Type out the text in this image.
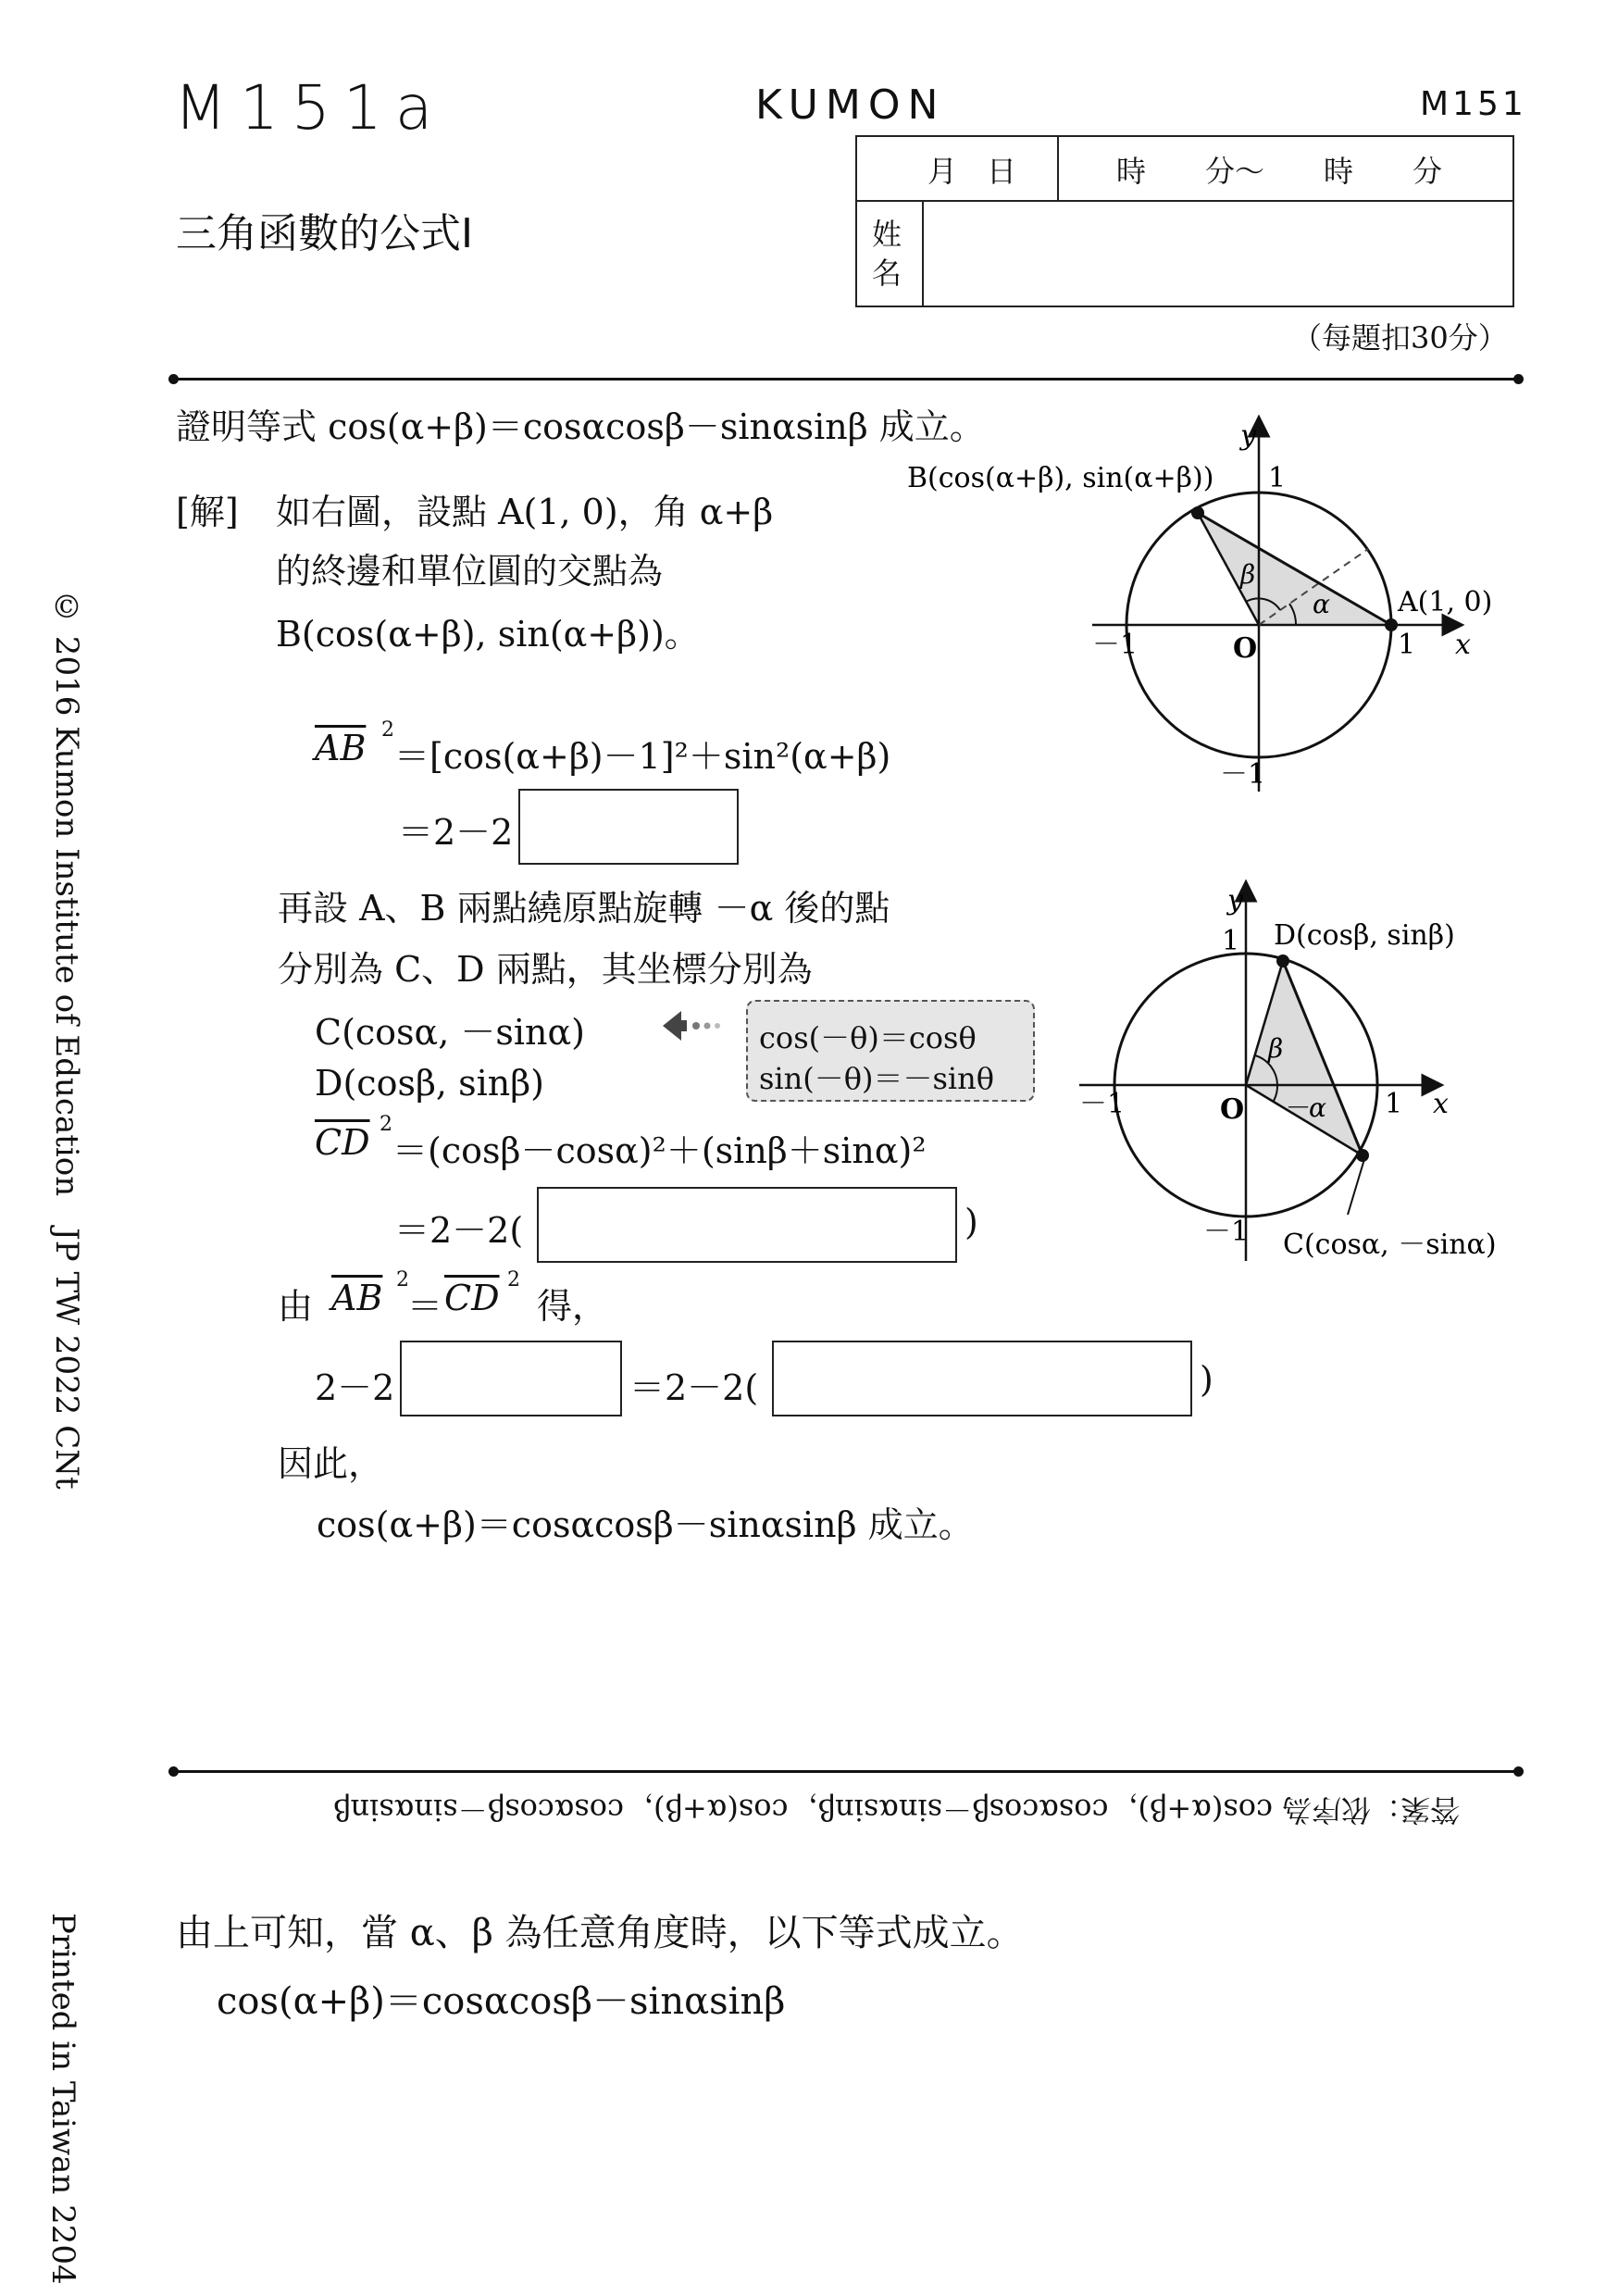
M151a	KUMON	M151
三角函數的公式Ⅰ
月　日	時　　分～　　時　　分
姓
名
（每題扣30分）
證明等式 cos(α+β)＝cosαcosβ－sinαsinβ 成立。
[解] 如右圖，設點 A(1, 0)，角 α+β
的終邊和單位圓的交點為
B(cos(α+β), sin(α+β))。
$\overline{AB}$ 2
＝[cos(α+β)－1]²＋sin²(α+β)
＝2－2
再設 A、B 兩點繞原點旋轉 －α 後的點
分別為 C、D 兩點，其坐標分別為
C(cosα, －sinα)
D(cosβ, sinβ)
cos(－θ)＝cosθ
sin(－θ)＝－sinθ
$\overline{CD}$ 2
＝(cosβ－cosα)²＋(sinβ＋sinα)²
＝2－2(	)
由 $\overline{AB}$ 2
＝ $\overline{CD}$ 2
得，
2－2	＝2－2(	)
因此，
cos(α+β)＝cosαcosβ－sinαsinβ 成立。
y
x
1
1
－1
－1
O
A(1, 0)
B(cos(α+β), sin(α+β))
β
α
y
x
1
1
－1
－1
O
D(cosβ, sinβ)
C(cosα, －sinα)
β
－α
答案：依序為 cos(α+β)，cosαcosβ－sinαsinβ，cos(α+β)，cosαcosβ－sinαsinβ
由上可知，當 α、β 為任意角度時，以下等式成立。
cos(α+β)＝cosαcosβ－sinαsinβ
© 2016 Kumon Institute of Education　JP TW 2022 CNt
Printed in Taiwan 2204
